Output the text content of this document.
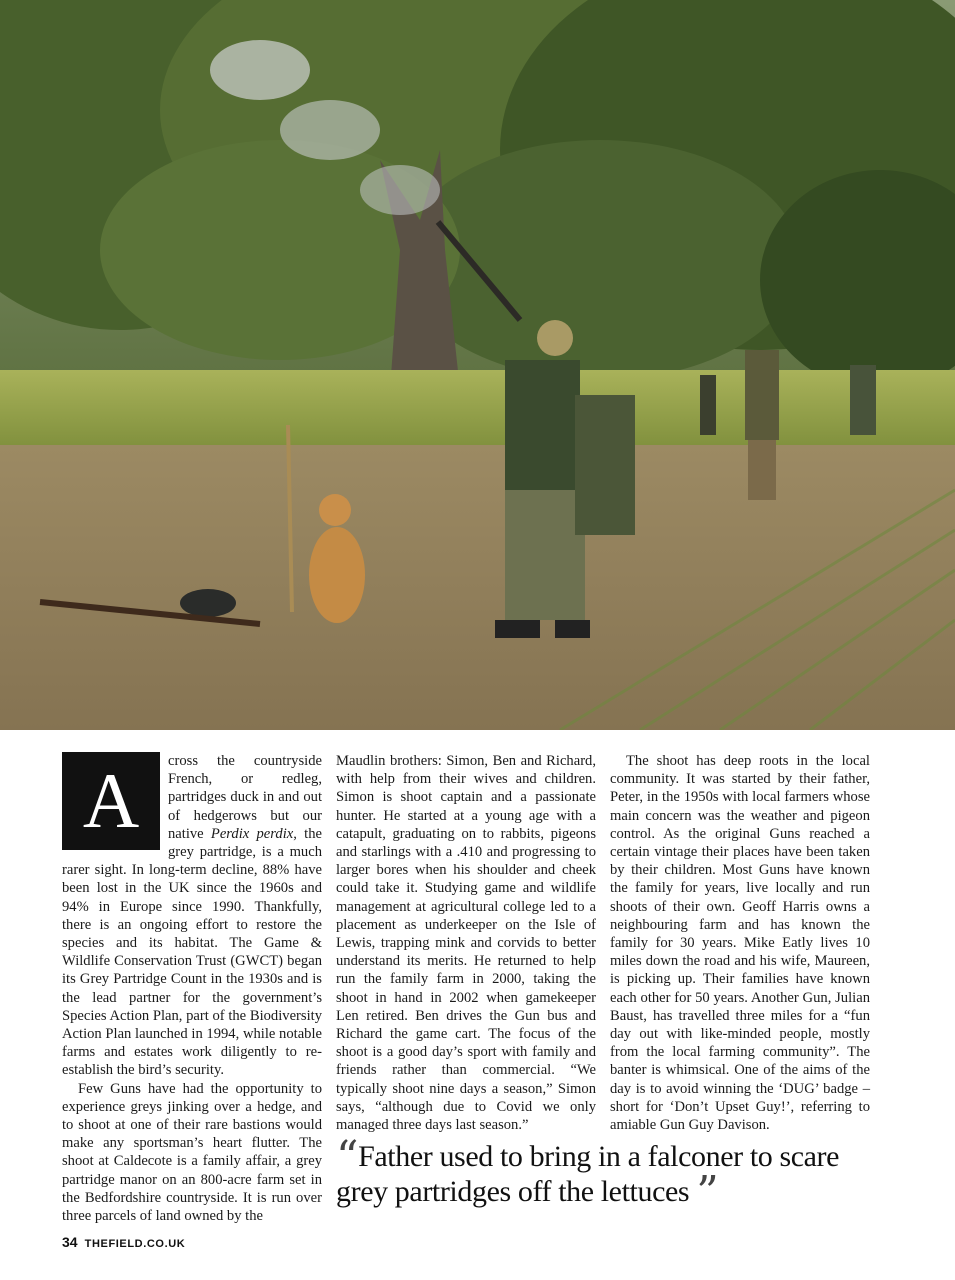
A	cross the countryside French, or redleg, partridges duck in and out of hedgerows but our native Perdix perdix, the grey partridge, is a much rarer sight. In long-term decline, 88% have been lost in the UK since the 1960s and 94% in Europe since 1990. Thankfully, there is an ongoing effort to restore the species and its habitat. The Game & Wildlife Conservation Trust (GWCT) began its Grey Partridge Count in the 1930s and is the lead partner for the government’s Species Action Plan, part of the Biodiversity Action Plan launched in 1994, while notable farms and estates work diligently to re-establish the bird’s security.

Few Guns have had the opportunity to experience greys jinking over a hedge, and to shoot at one of their rare bastions would make any sportsman’s heart flutter. The shoot at Caldecote is a family affair, a grey partridge manor on an 800-acre farm set in the Bedfordshire countryside. It is run over three parcels of land owned by the

Maudlin brothers: Simon, Ben and Richard, with help from their wives and children. Simon is shoot captain and a passionate hunter. He started at a young age with a catapult, graduating on to rabbits, pigeons and starlings with a .410 and progressing to larger bores when his shoulder and cheek could take it. Studying game and wildlife management at agricultural college led to a placement as underkeeper on the Isle of Lewis, trapping mink and corvids to better understand its merits. He returned to help run the family farm in 2000, taking the shoot in hand in 2002 when gamekeeper Len retired. Ben drives the Gun bus and Richard the game cart. The focus of the shoot is a good day’s sport with family and friends rather than commercial. “We typically shoot nine days a season,” Simon says, “although due to Covid we only managed three days last season.”

The shoot has deep roots in the local community. It was started by their father, Peter, in the 1950s with local farmers whose main concern was the weather and pigeon control. As the original Guns reached a certain vintage their places have been taken by their children. Most Guns have known the family for years, live locally and run shoots of their own. Geoff Harris owns a neighbouring farm and has known the family for 30 years. Mike Eatly lives 10 miles down the road and his wife, Maureen, is picking up. Their families have known each other for 50 years. Another Gun, Julian Baust, has travelled three miles for a “fun day out with like-minded people, mostly from the local farming community”. The banter is whimsical. One of the aims of the day is to avoid winning the ‘DUG’ badge – short for ‘Don’t Upset Guy!’, referring to amiable Gun Guy Davison.

“Father used to bring in a falconer to scare grey partridges off the lettuces ”
34 THEFIELD.CO.UK
